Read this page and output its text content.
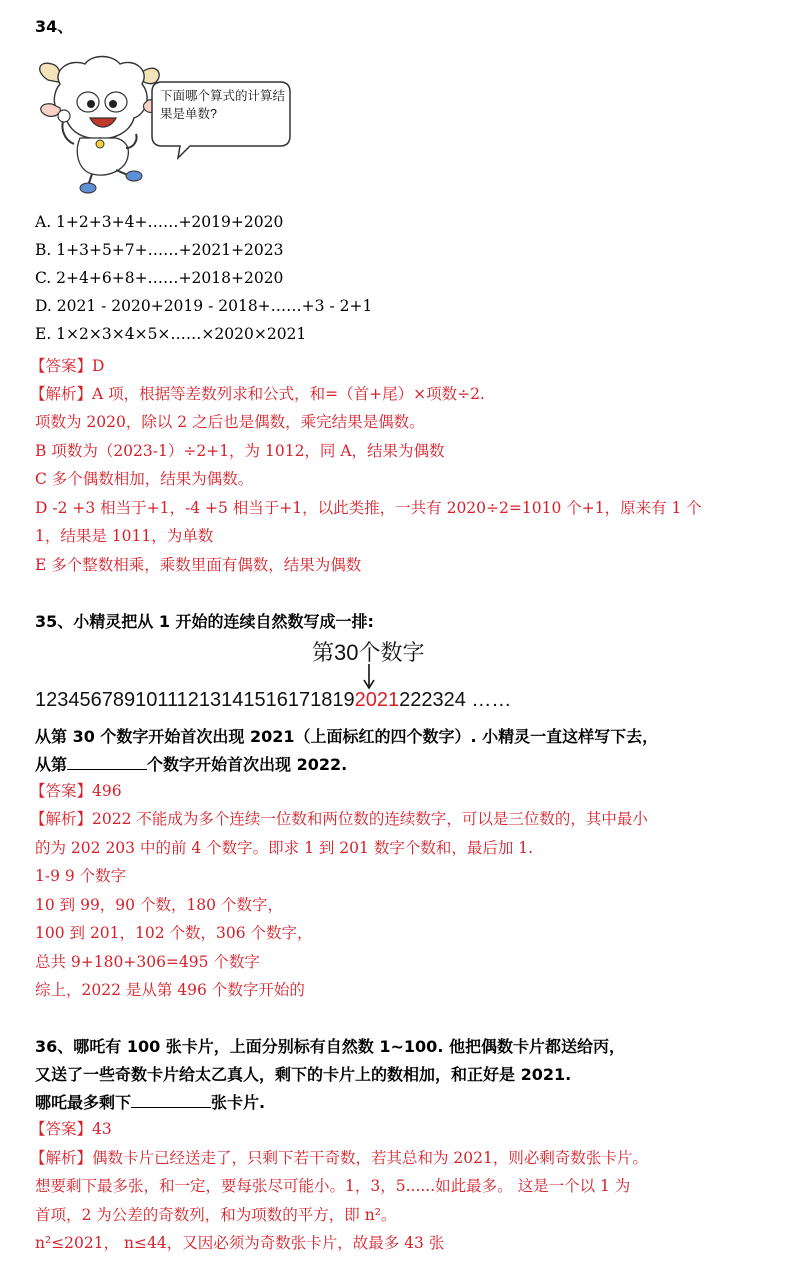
34、
下面哪个算式的计算结果是单数?
A. 1+2+3+4+……+2019+2020
B. 1+3+5+7+……+2021+2023
C. 2+4+6+8+……+2018+2020
D. 2021 - 2020+2019 - 2018+……+3 - 2+1
E. 1×2×3×4×5×……×2020×2021
【答案】D
【解析】A 项，根据等差数列求和公式，和=（首+尾）×项数÷2.
项数为 2020，除以 2 之后也是偶数，乘完结果是偶数。
B 项数为（2023-1）÷2+1，为 1012，同 A，结果为偶数
C 多个偶数相加，结果为偶数。
D -2 +3 相当于+1，-4 +5 相当于+1，以此类推，一共有 2020÷2=1010 个+1，原来有 1 个
1，结果是 1011，为单数
E 多个整数相乘，乘数里面有偶数，结果为偶数
35、小精灵把从 1 开始的连续自然数写成一排:
第30个数字
123456789101112131415161718192021222324 ……
从第 30 个数字开始首次出现 2021（上面标红的四个数字）. 小精灵一直这样写下去，
从第	个数字开始首次出现 2022.
【答案】496
【解析】2022 不能成为多个连续一位数和两位数的连续数字，可以是三位数的，其中最小
的为 202 203 中的前 4 个数字。即求 1 到 201 数字个数和，最后加 1.
1-9 9 个数字
10 到 99，90 个数，180 个数字，
100 到 201，102 个数，306 个数字，
总共 9+180+306=495 个数字
综上，2022 是从第 496 个数字开始的
36、哪吒有 100 张卡片，上面分别标有自然数 1~100. 他把偶数卡片都送给丙，
又送了一些奇数卡片给太乙真人，剩下的卡片上的数相加，和正好是 2021.
哪吒最多剩下	张卡片.
【答案】43
【解析】偶数卡片已经送走了，只剩下若干奇数，若其总和为 2021，则必剩奇数张卡片。
想要剩下最多张，和一定，要每张尽可能小。1，3，5......如此最多。 这是一个以 1 为
首项，2 为公差的奇数列，和为项数的平方，即 n²。
n²≤2021， n≤44，又因必须为奇数张卡片，故最多 43 张
